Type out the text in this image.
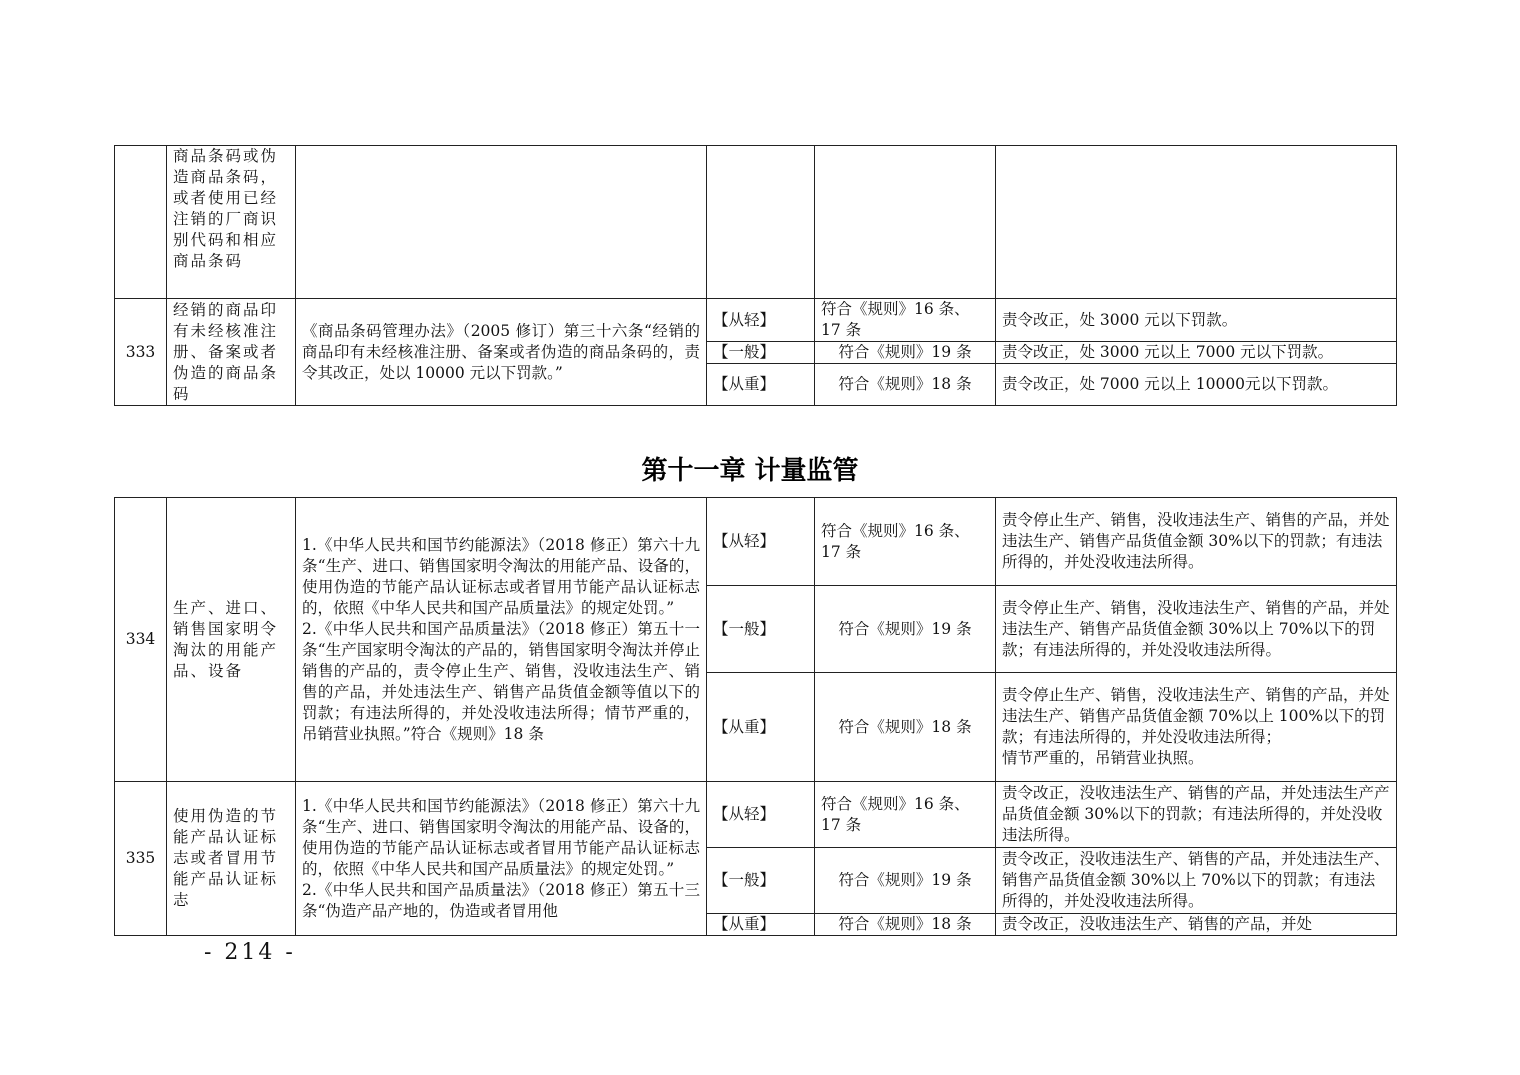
	商品条码或伪造商品条码，或者使用已经注销的厂商识别代码和相应商品条码				
333	经销的商品印有未经核准注册、备案或者伪造的商品条码	《商品条码管理办法》（2005 修订）第三十六条“经销的商品印有未经核准注册、备案或者伪造的商品条码的，责令其改正，处以 10000 元以下罚款。”	【从轻】	符合《规则》16 条、17 条	责令改正，处 3000 元以下罚款。
			【一般】	符合《规则》19 条	责令改正，处 3000 元以上 7000 元以下罚款。
			【从重】	符合《规则》18 条	责令改正，处 7000 元以上 10000元以下罚款。
第十一章 计量监管
334	生产、进口、销售国家明令淘汰的用能产品、设备	1.《中华人民共和国节约能源法》（2018 修正）第六十九条“生产、进口、销售国家明令淘汰的用能产品、设备的，使用伪造的节能产品认证标志或者冒用节能产品认证标志的，依照《中华人民共和国产品质量法》的规定处罚。”
2.《中华人民共和国产品质量法》（2018 修正）第五十一条“生产国家明令淘汰的产品的，销售国家明令淘汰并停止销售的产品的，责令停止生产、销售，没收违法生产、销售的产品，并处违法生产、销售产品货值金额等值以下的罚款；有违法所得的，并处没收违法所得；情节严重的，吊销营业执照。”符合《规则》18 条	【从轻】	符合《规则》16 条、17 条	责令停止生产、销售，没收违法生产、销售的产品，并处违法生产、销售产品货值金额 30%以下的罚款；有违法所得的，并处没收违法所得。
			【一般】	符合《规则》19 条	责令停止生产、销售，没收违法生产、销售的产品，并处违法生产、销售产品货值金额 30%以上 70%以下的罚款；有违法所得的，并处没收违法所得。
			【从重】	符合《规则》18 条	责令停止生产、销售，没收违法生产、销售的产品，并处违法生产、销售产品货值金额 70%以上 100%以下的罚款；有违法所得的，并处没收违法所得；
情节严重的，吊销营业执照。
335	使用伪造的节能产品认证标志或者冒用节能产品认证标志	1.《中华人民共和国节约能源法》（2018 修正）第六十九条“生产、进口、销售国家明令淘汰的用能产品、设备的，使用伪造的节能产品认证标志或者冒用节能产品认证标志的，依照《中华人民共和国产品质量法》的规定处罚。”
2.《中华人民共和国产品质量法》（2018 修正）第五十三条“伪造产品产地的，伪造或者冒用他	【从轻】	符合《规则》16 条、17 条	责令改正，没收违法生产、销售的产品，并处违法生产产品货值金额 30%以下的罚款；有违法所得的，并处没收违法所得。
			【一般】	符合《规则》19 条	责令改正，没收违法生产、销售的产品，并处违法生产、销售产品货值金额 30%以上 70%以下的罚款；有违法所得的，并处没收违法所得。
			【从重】	符合《规则》18 条	责令改正，没收违法生产、销售的产品，并处
- 214 -
